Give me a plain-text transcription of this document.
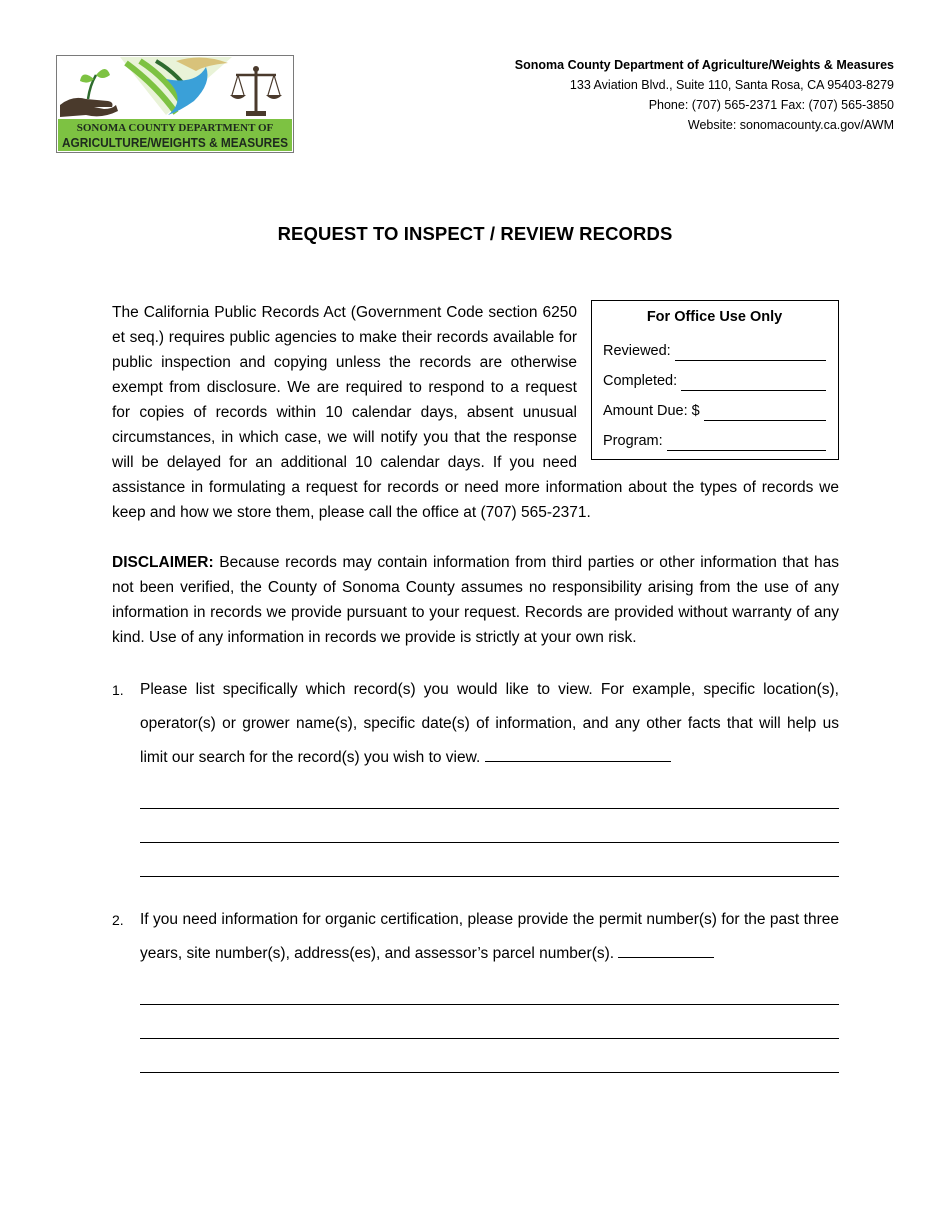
SONOMA COUNTY DEPARTMENT OF
AGRICULTURE/WEIGHTS & MEASURES
Sonoma County Department of Agriculture/Weights & Measures
133 Aviation Blvd., Suite 110, Santa Rosa, CA 95403-8279
Phone: (707) 565-2371 Fax: (707) 565-3850
Website: sonomacounty.ca.gov/AWM
REQUEST TO INSPECT / REVIEW RECORDS
For Office Use Only
Reviewed:
Completed:
Amount Due: $
Program:

The California Public Records Act (Government Code section 6250 et seq.) requires public agencies to make their records available for public inspection and copying unless the records are otherwise exempt from disclosure. We are required to respond to a request for copies of records within 10 calendar days, absent unusual circumstances, in which case, we will notify you that the response will be delayed for an additional 10 calendar days. If you need assistance in formulating a request for records or need more information about the types of records we keep and how we store them, please call the office at (707) 565-2371.

DISCLAIMER: Because records may contain information from third parties or other information that has not been verified, the County of Sonoma County assumes no responsibility arising from the use of any information in records we provide pursuant to your request. Records are provided without warranty of any kind. Use of any information in records we provide is strictly at your own risk.

1. Please list specifically which record(s) you would like to view. For example, specific location(s), operator(s) or grower name(s), specific date(s) of information, and any other facts that will help us limit our search for the record(s) you wish to view.
2. If you need information for organic certification, please provide the permit number(s) for the past three years, site number(s), address(es), and assessor’s parcel number(s).
